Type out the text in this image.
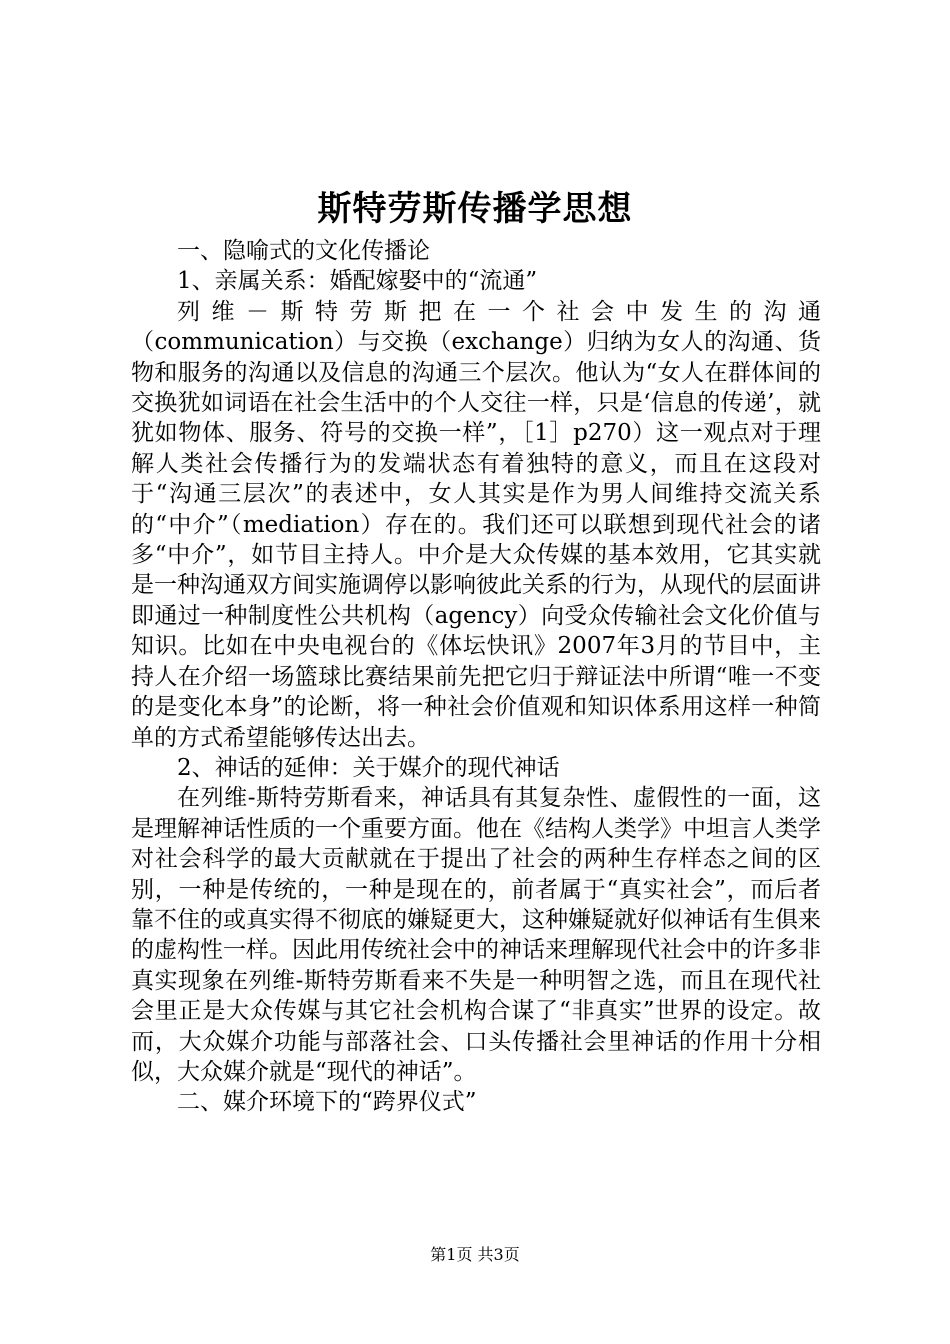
斯特劳斯传播学思想

一、隐喻式的文化传播论

1、亲属关系：婚配嫁娶中的“流通”

列维－斯特劳斯把在一个社会中发生的沟通（communication）与交换（exchange）归纳为女人的沟通、货物和服务的沟通以及信息的沟通三个层次。他认为“女人在群体间的交换犹如词语在社会生活中的个人交往一样，只是‘信息的传递’，就犹如物体、服务、符号的交换一样”，［1］p270）这一观点对于理解人类社会传播行为的发端状态有着独特的意义，而且在这段对于“沟通三层次”的表述中，女人其实是作为男人间维持交流关系的“中介”（mediation）存在的。我们还可以联想到现代社会的诸多“中介”，如节目主持人。中介是大众传媒的基本效用，它其实就是一种沟通双方间实施调停以影响彼此关系的行为，从现代的层面讲即通过一种制度性公共机构（agency）向受众传输社会文化价值与知识。比如在中央电视台的《体坛快讯》2007年3月的节目中，主持人在介绍一场篮球比赛结果前先把它归于辩证法中所谓“唯一不变的是变化本身”的论断，将一种社会价值观和知识体系用这样一种简单的方式希望能够传达出去。

2、神话的延伸：关于媒介的现代神话

在列维-斯特劳斯看来，神话具有其复杂性、虚假性的一面，这是理解神话性质的一个重要方面。他在《结构人类学》中坦言人类学对社会科学的最大贡献就在于提出了社会的两种生存样态之间的区别，一种是传统的，一种是现在的，前者属于“真实社会”，而后者靠不住的或真实得不彻底的嫌疑更大，这种嫌疑就好似神话有生俱来的虚构性一样。因此用传统社会中的神话来理解现代社会中的许多非真实现象在列维-斯特劳斯看来不失是一种明智之选，而且在现代社会里正是大众传媒与其它社会机构合谋了“非真实”世界的设定。故而，大众媒介功能与部落社会、口头传播社会里神话的作用十分相似，大众媒介就是“现代的神话”。

二、媒介环境下的“跨界仪式”

第1页 共3页
